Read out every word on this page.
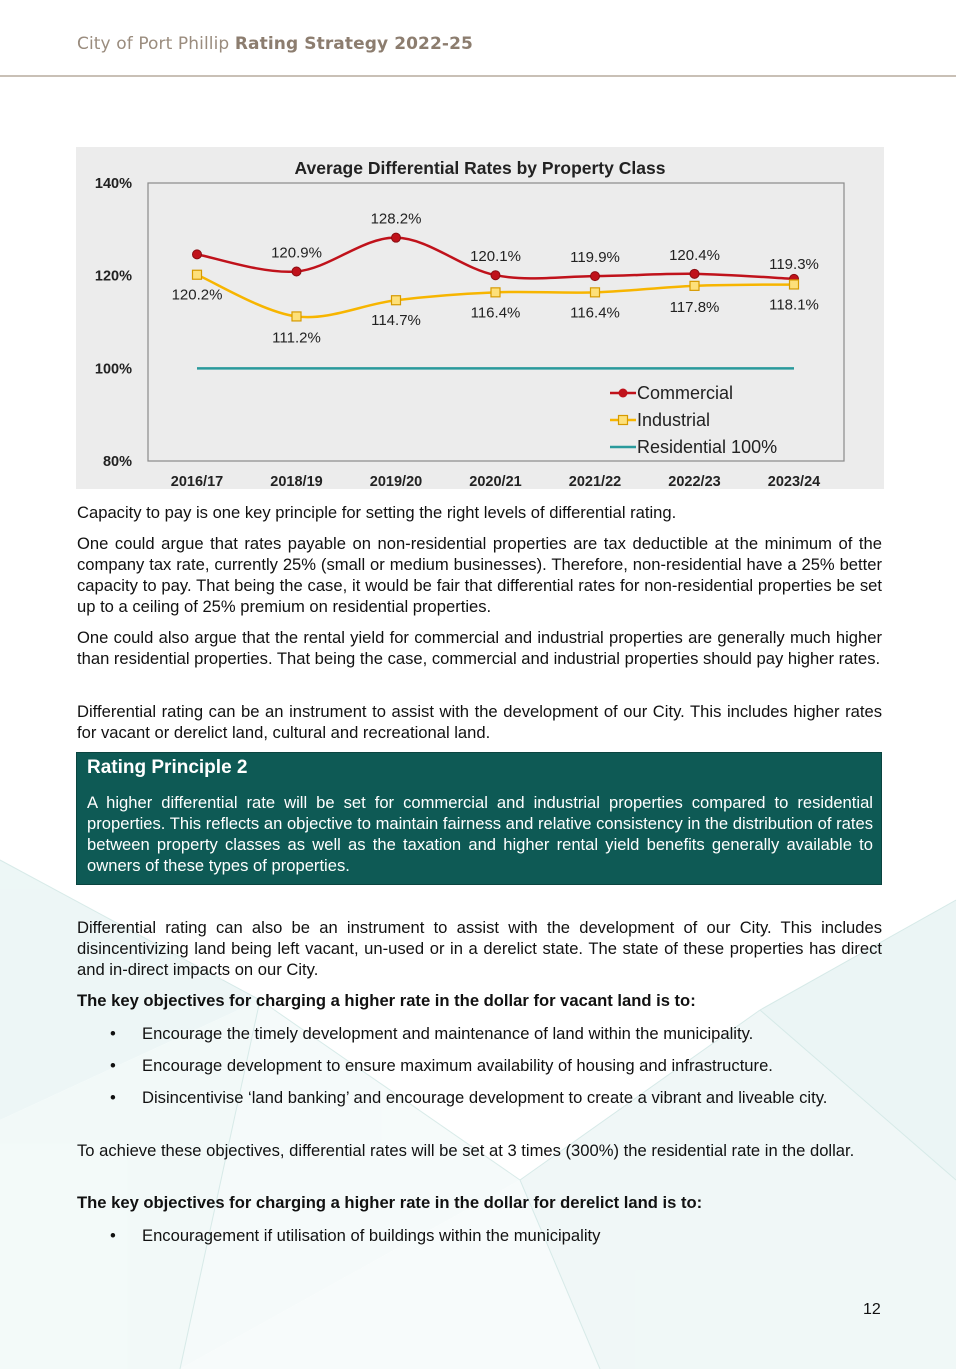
City of Port Phillip Rating Strategy 2022-25
Average Differential Rates by Property Class
140%
120%
100%
80%
2016/17	2018/19	2019/20	2020/21	2021/22	2022/23	2023/24
120.9%
128.2%
120.1%	119.9%	120.4%
119.3%
120.2%
111.2%
114.7%	116.4%	116.4%	117.8%	118.1%
Commercial
Industrial
Residential 100%

Capacity to pay is one key principle for setting the right levels of differential rating.

One could argue that rates payable on non-residential properties are tax deductible at the minimum of the company tax rate, currently 25% (small or medium businesses). Therefore, non-residential have a 25% better capacity to pay. That being the case, it would be fair that differential rates for non-residential properties be set up to a ceiling of 25% premium on residential properties.

One could also argue that the rental yield for commercial and industrial properties are generally much higher than residential properties. That being the case, commercial and industrial properties should pay higher rates.

Differential rating can be an instrument to assist with the development of our City. This includes higher rates for vacant or derelict land, cultural and recreational land.

Rating Principle 2
A higher differential rate will be set for commercial and industrial properties compared to residential properties. This reflects an objective to maintain fairness and relative consistency in the distribution of rates between property classes as well as the taxation and higher rental yield benefits generally available to owners of these types of properties.

Differential rating can also be an instrument to assist with the development of our City. This includes disincentivizing land being left vacant, un-used or in a derelict state. The state of these properties has direct and in-direct impacts on our City.

The key objectives for charging a higher rate in the dollar for vacant land is to:

• Encourage the timely development and maintenance of land within the municipality.
• Encourage development to ensure maximum availability of housing and infrastructure.
• Disincentivise ‘land banking’ and encourage development to create a vibrant and liveable city.

To achieve these objectives, differential rates will be set at 3 times (300%) the residential rate in the dollar.

The key objectives for charging a higher rate in the dollar for derelict land is to:

• Encouragement if utilisation of buildings within the municipality
12
